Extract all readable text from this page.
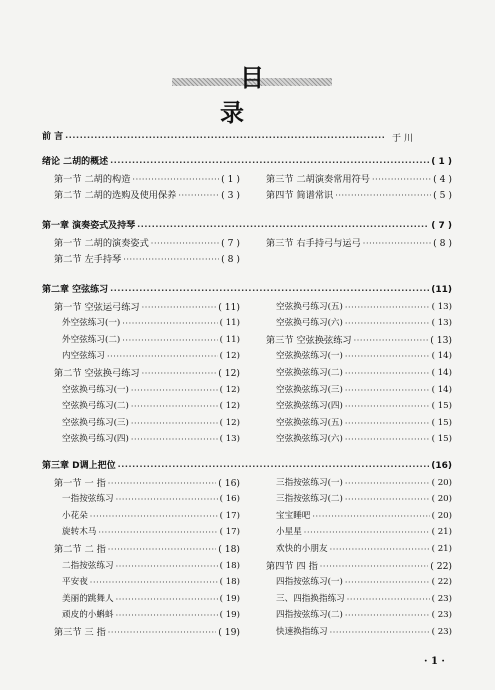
目 录
前 言 ·····	于 川
绪论 二胡的概述 ·····	( 1 )
第一节 二胡的构造 ·····	( 1 )
第二节 二胡的选购及使用保养 ·····	( 3 )
第三节 二胡演奏常用符号 ·····	( 4 )
第四节 简谱常识 ·····	( 5 )
第一章 演奏姿式及持琴 ·····	( 7 )
第一节 二胡的演奏姿式 ·····	( 7 )
第二节 左手持琴 ·····	( 8 )
第三节 右手持弓与运弓 ·····	( 8 )
第二章 空弦练习 ·····	(11)
第一节 空弦运弓练习 ·····	( 11)
外空弦练习(一) ·····	( 11)
外空弦练习(二) ·····	( 11)
内空弦练习 ·····	( 12)
第二节 空弦换弓练习 ·····	( 12)
空弦换弓练习(一) ·····	( 12)
空弦换弓练习(二) ·····	( 12)
空弦换弓练习(三) ·····	( 12)
空弦换弓练习(四) ·····	( 13)
空弦换弓练习(五) ·····	( 13)
空弦换弓练习(六) ·····	( 13)
第三节 空弦换弦练习 ·····	( 13)
空弦换弦练习(一) ·····	( 14)
空弦换弦练习(二) ·····	( 14)
空弦换弦练习(三) ·····	( 14)
空弦换弦练习(四) ·····	( 15)
空弦换弦练习(五) ·····	( 15)
空弦换弦练习(六) ·····	( 15)
第三章 D调上把位 ·····	(16)
第一节 一 指 ·····	( 16)
一指按弦练习 ·····	( 16)
小花朵 ·····	( 17)
旋转木马 ·····	( 17)
第二节 二 指 ·····	( 18)
二指按弦练习 ·····	( 18)
平安夜 ·····	( 18)
美丽的跳舞人 ·····	( 19)
顽皮的小蝌蚪 ·····	( 19)
第三节 三 指 ·····	( 19)
三指按弦练习(一) ·····	( 20)
三指按弦练习(二) ·····	( 20)
宝宝睡吧 ·····	( 20)
小星星 ·····	( 21)
欢快的小朋友 ·····	( 21)
第四节 四 指 ·····	( 22)
四指按弦练习(一) ·····	( 22)
三、四指换指练习 ·····	( 23)
四指按弦练习(二) ·····	( 23)
快速换指练习 ·····	( 23)
· 1 ·
